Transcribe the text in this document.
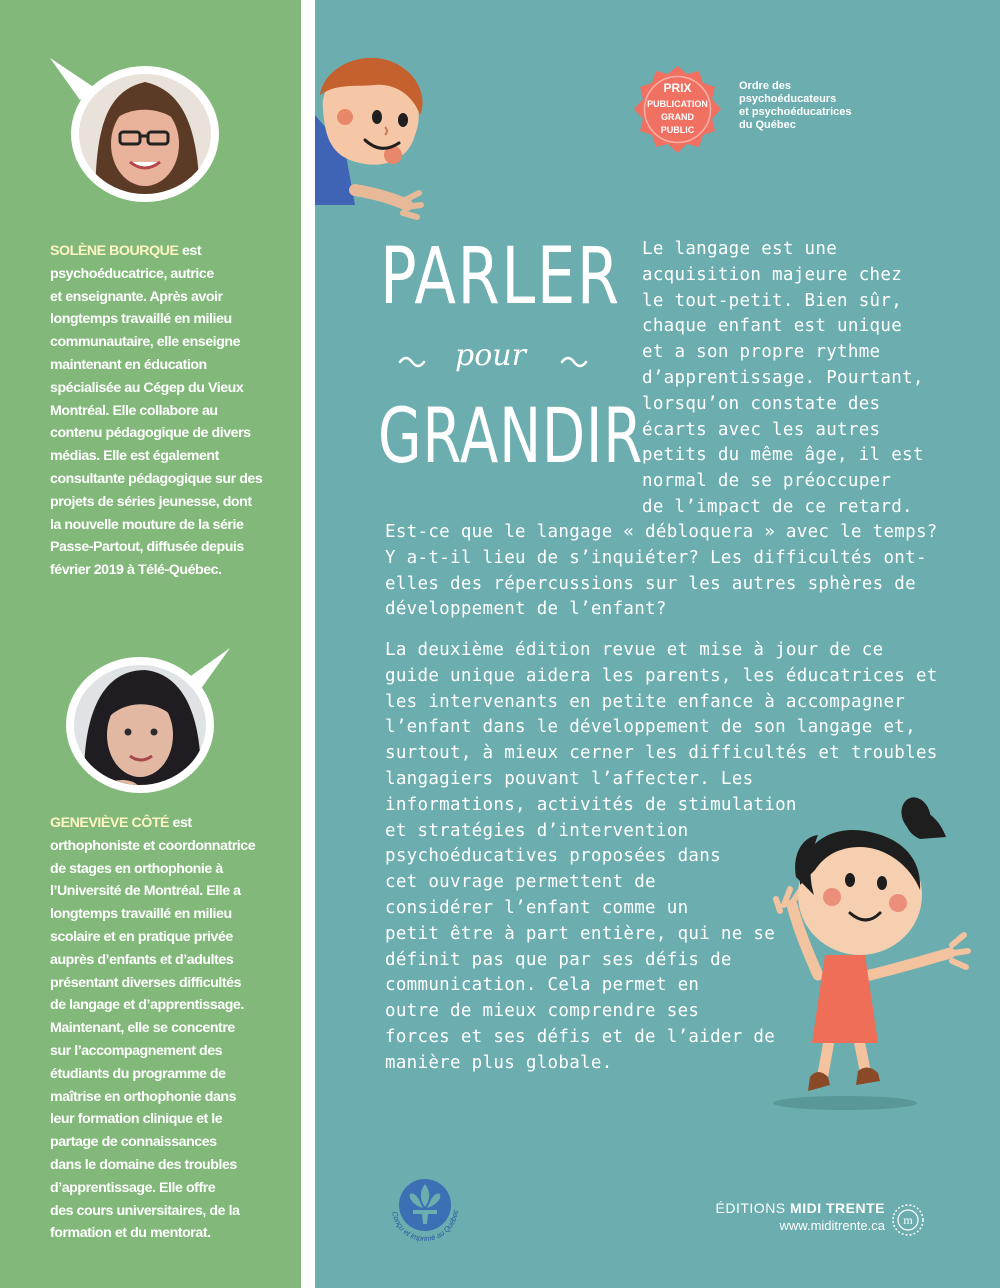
SOLÈNE BOURQUE est
psychoéducatrice, autrice
et enseignante. Après avoir
longtemps travaillé en milieu
communautaire, elle enseigne
maintenant en éducation
spécialisée au Cégep du Vieux
Montréal. Elle collabore au
contenu pédagogique de divers
médias. Elle est également
consultante pédagogique sur des
projets de séries jeunesse, dont
la nouvelle mouture de la série
Passe-Partout, diffusée depuis
février 2019 à Télé-Québec.
GENEVIÈVE CÔTÉ est
orthophoniste et coordonnatrice
de stages en orthophonie à
l’Université de Montréal. Elle a
longtemps travaillé en milieu
scolaire et en pratique privée
auprès d’enfants et d’adultes
présentant diverses difficultés
de langage et d’apprentissage.
Maintenant, elle se concentre
sur l’accompagnement des
étudiants du programme de
maîtrise en orthophonie dans
leur formation clinique et le
partage de connaissances
dans le domaine des troubles
d’apprentissage. Elle offre
des cours universitaires, de la
formation et du mentorat.
PRIX
PUBLICATION
GRAND
PUBLIC
Ordre des
psychoéducateurs
et psychoéducatrices
du Québec
PARLER
pour
GRANDIR
Le langage est une
acquisition majeure chez
le tout-petit. Bien sûr,
chaque enfant est unique
et a son propre rythme
d’apprentissage. Pourtant,
lorsqu’on constate des
écarts avec les autres
petits du même âge, il est
normal de se préoccuper
de l’impact de ce retard.
Est-ce que le langage « débloquera » avec le temps?
Y a-t-il lieu de s’inquiéter? Les difficultés ont-
elles des répercussions sur les autres sphères de
développement de l’enfant?
La deuxième édition revue et mise à jour de ce
guide unique aidera les parents, les éducatrices et
les intervenants en petite enfance à accompagner
l’enfant dans le développement de son langage et,
surtout, à mieux cerner les difficultés et troubles
langagiers pouvant l’affecter. Les
informations, activités de stimulation
et stratégies d’intervention
psychoéducatives proposées dans
cet ouvrage permettent de
considérer l’enfant comme un
petit être à part entière, qui ne se
définit pas que par ses défis de
communication. Cela permet en
outre de mieux comprendre ses
forces et ses défis et de l’aider de
manière plus globale.
Conçu et imprimé au Québec	ÉDITIONS MIDI TRENTE
www.miditrente.ca m
